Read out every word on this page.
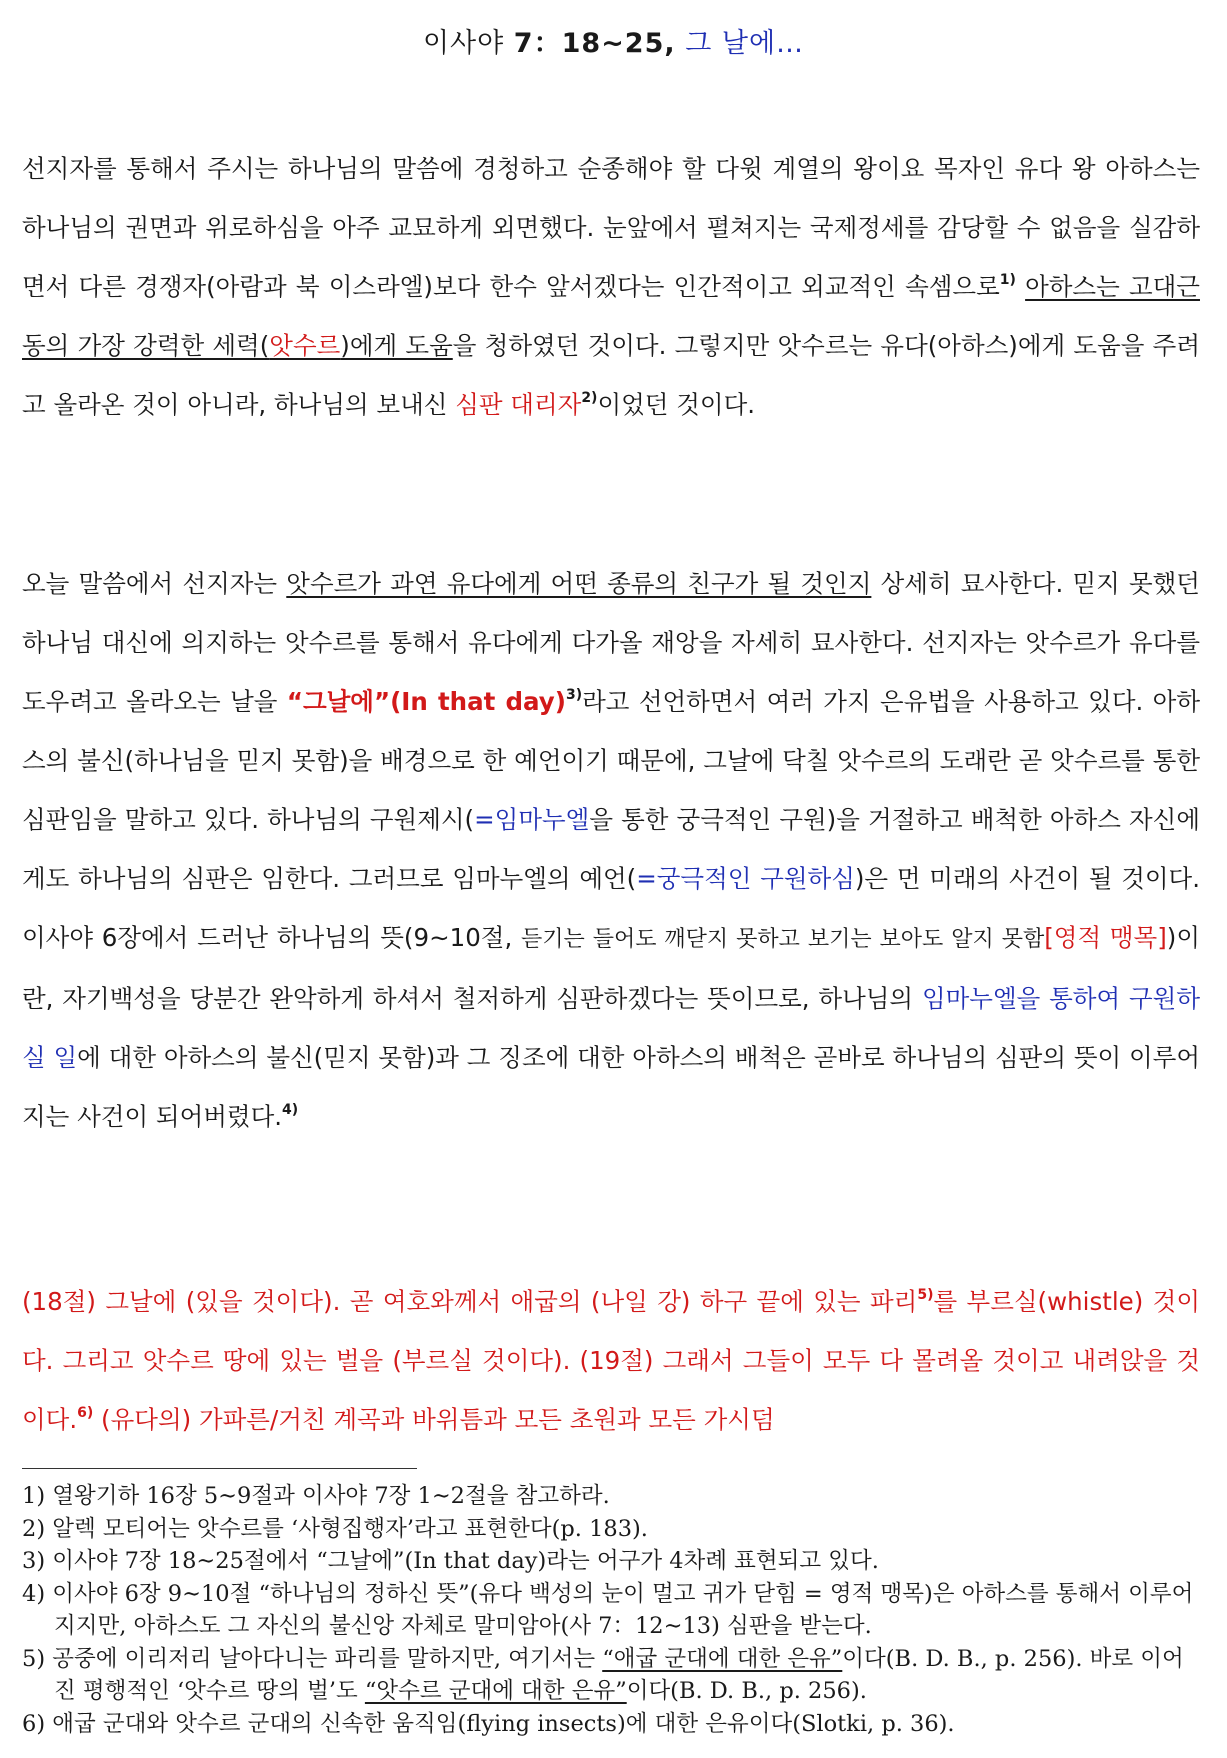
이사야 7：18∼25, 그 날에…
선지자를 통해서 주시는 하나님의 말씀에 경청하고 순종해야 할 다윗 계열의 왕이요 목자인 유다 왕 아하스는 하나님의 권면과 위로하심을 아주 교묘하게 외면했다. 눈앞에서 펼쳐지는 국제정세를 감당할 수 없음을 실감하면서 다른 경쟁자(아람과 북 이스라엘)보다 한수 앞서겠다는 인간적이고 외교적인 속셈으로$^{1)}$ 아하스는 고대근동의 가장 강력한 세력(앗수르)에게 도움을 청하였던 것이다. 그렇지만 앗수르는 유다(아하스)에게 도움을 주려고 올라온 것이 아니라, 하나님의 보내신 심판 대리자$^{2)}$이었던 것이다.
오늘 말씀에서 선지자는 앗수르가 과연 유다에게 어떤 종류의 친구가 될 것인지 상세히 묘사한다. 믿지 못했던 하나님 대신에 의지하는 앗수르를 통해서 유다에게 다가올 재앙을 자세히 묘사한다. 선지자는 앗수르가 유다를 도우려고 올라오는 날을 “그날에”(In that day)$^{3)}$라고 선언하면서 여러 가지 은유법을 사용하고 있다. 아하스의 불신(하나님을 믿지 못함)을 배경으로 한 예언이기 때문에, 그날에 닥칠 앗수르의 도래란 곧 앗수르를 통한 심판임을 말하고 있다. 하나님의 구원제시(=임마누엘을 통한 궁극적인 구원)을 거절하고 배척한 아하스 자신에게도 하나님의 심판은 임한다. 그러므로 임마누엘의 예언(=궁극적인 구원하심)은 먼 미래의 사건이 될 것이다. 이사야 6장에서 드러난 하나님의 뜻(9∼10절, 듣기는 들어도 깨닫지 못하고 보기는 보아도 알지 못함[영적 맹목])이란, 자기백성을 당분간 완악하게 하셔서 철저하게 심판하겠다는 뜻이므로, 하나님의 임마누엘을 통하여 구원하실 일에 대한 아하스의 불신(믿지 못함)과 그 징조에 대한 아하스의 배척은 곧바로 하나님의 심판의 뜻이 이루어지는 사건이 되어버렸다.$^{4)}$
(18절) 그날에 (있을 것이다). 곧 여호와께서 애굽의 (나일 강) 하구 끝에 있는 파리$^{5)}$를 부르실(whistle) 것이다. 그리고 앗수르 땅에 있는 벌을 (부르실 것이다). (19절) 그래서 그들이 모두 다 몰려올 것이고 내려앉을 것이다.$^{6)}$ (유다의) 가파른/거친 계곡과 바위틈과 모든 초원과 모든 가시덤
1) 열왕기하 16장 5∼9절과 이사야 7장 1∼2절을 참고하라.
2) 알렉 모티어는 앗수르를 ‘사형집행자’라고 표현한다(p. 183).
3) 이사야 7장 18∼25절에서 “그날에”(In that day)라는 어구가 4차례 표현되고 있다.
4) 이사야 6장 9∼10절 “하나님의 정하신 뜻”(유다 백성의 눈이 멀고 귀가 닫힘 = 영적 맹목)은 아하스를 통해서 이루어지지만, 아하스도 그 자신의 불신앙 자체로 말미암아(사 7：12∼13) 심판을 받는다.
5) 공중에 이리저리 날아다니는 파리를 말하지만, 여기서는 “애굽 군대에 대한 은유”이다(B. D. B., p. 256). 바로 이어진 평행적인 ‘앗수르 땅의 벌’도 “앗수르 군대에 대한 은유”이다(B. D. B., p. 256).
6) 애굽 군대와 앗수르 군대의 신속한 움직임(flying insects)에 대한 은유이다(Slotki, p. 36).
